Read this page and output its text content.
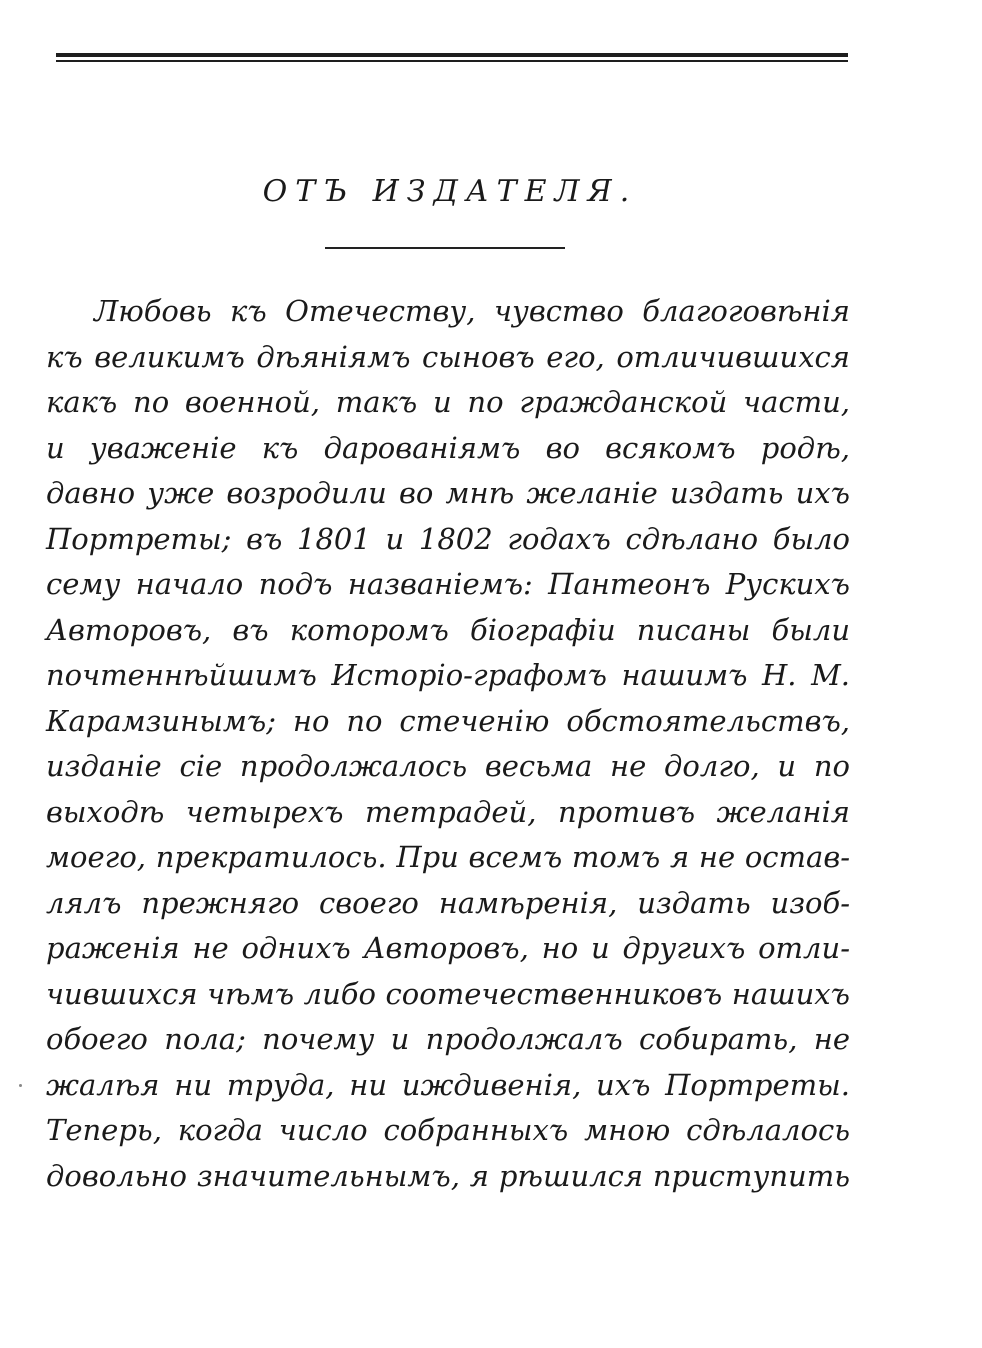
ОТЪ ИЗДАТЕЛЯ.
Любовь къ Отечеству, чувство благоговѣнія
къ великимъ дѣяніямъ сыновъ его, отличившихся
какъ по военной, такъ и по гражданской части,
и уваженіе къ дарованіямъ во всякомъ родѣ,
давно уже возродили во мнѣ желаніе издать ихъ
Портреты; въ 1801 и 1802 годахъ сдѣлано было
сему начало подъ названіемъ: Пантеонъ Рускихъ
Авторовъ, въ которомъ біографіи писаны были
почтеннѣйшимъ Исторіо-графомъ нашимъ Н. М.
Карамзинымъ; но по стеченію обстоятельствъ,
изданіе сіе продолжалось весьма не долго, и по
выходѣ четырехъ тетрадей, противъ желанія
моего, прекратилось. При всемъ томъ я не остав-
лялъ прежняго своего намѣренія, издать изоб-
раженія не однихъ Авторовъ, но и другихъ отли-
чившихся чѣмъ либо соотечественниковъ нашихъ
обоего пола; почему и продолжалъ собирать, не
жалѣя ни труда, ни иждивенія, ихъ Портреты.
Теперь, когда число собранныхъ мною сдѣлалось
довольно значительнымъ, я рѣшился приступить
